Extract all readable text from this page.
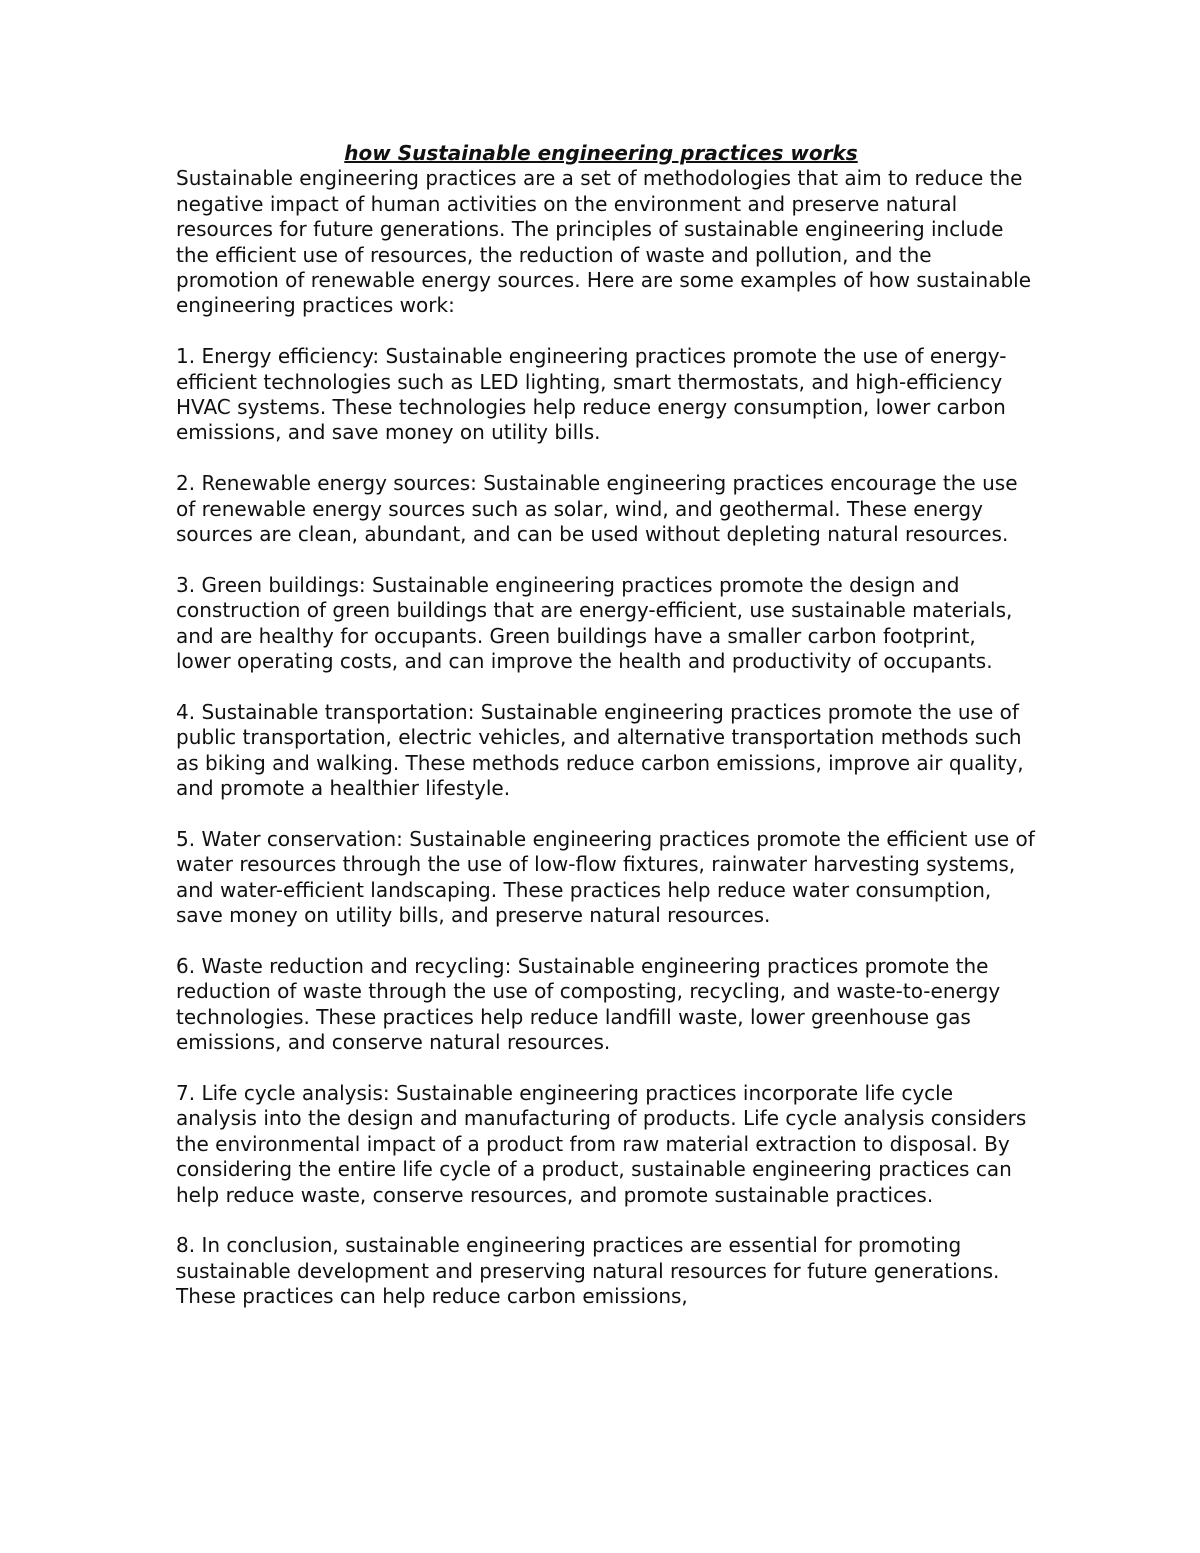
how Sustainable engineering practices works

Sustainable engineering practices are a set of methodologies that aim to reduce the negative impact of human activities on the environment and preserve natural resources for future generations. The principles of sustainable engineering include the efficient use of resources, the reduction of waste and pollution, and the promotion of renewable energy sources. Here are some examples of how sustainable engineering practices work:

1. Energy efficiency: Sustainable engineering practices promote the use of energy-efficient technologies such as LED lighting, smart thermostats, and high-efficiency HVAC systems. These technologies help reduce energy consumption, lower carbon emissions, and save money on utility bills.

2. Renewable energy sources: Sustainable engineering practices encourage the use of renewable energy sources such as solar, wind, and geothermal. These energy sources are clean, abundant, and can be used without depleting natural resources.

3. Green buildings: Sustainable engineering practices promote the design and construction of green buildings that are energy-efficient, use sustainable materials, and are healthy for occupants. Green buildings have a smaller carbon footprint, lower operating costs, and can improve the health and productivity of occupants.

4. Sustainable transportation: Sustainable engineering practices promote the use of public transportation, electric vehicles, and alternative transportation methods such as biking and walking. These methods reduce carbon emissions, improve air quality, and promote a healthier lifestyle.

5. Water conservation: Sustainable engineering practices promote the efficient use of water resources through the use of low-flow fixtures, rainwater harvesting systems, and water-efficient landscaping. These practices help reduce water consumption, save money on utility bills, and preserve natural resources.

6. Waste reduction and recycling: Sustainable engineering practices promote the reduction of waste through the use of composting, recycling, and waste-to-energy technologies. These practices help reduce landfill waste, lower greenhouse gas emissions, and conserve natural resources.

7. Life cycle analysis: Sustainable engineering practices incorporate life cycle analysis into the design and manufacturing of products. Life cycle analysis considers the environmental impact of a product from raw material extraction to disposal. By considering the entire life cycle of a product, sustainable engineering practices can help reduce waste, conserve resources, and promote sustainable practices.

8. In conclusion, sustainable engineering practices are essential for promoting sustainable development and preserving natural resources for future generations. These practices can help reduce carbon emissions,
